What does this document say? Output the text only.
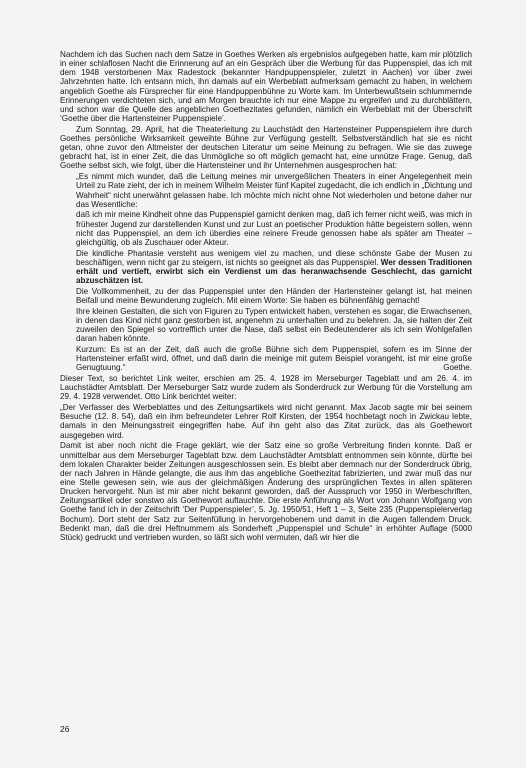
Nachdem ich das Suchen nach dem Satze in Goethes Werken als ergebnislos aufgegeben hatte, kam mir plötzlich in einer schlaflosen Nacht die Erinnerung auf an ein Gespräch über die Werbung für das Puppenspiel, das ich mit dem 1948 verstorbenen Max Radestock (bekannter Handpuppenspieler, zuletzt in Aachen) vor über zwei Jahrzehnten hatte. Ich entsann mich, ihn damals auf ein Werbeblatt aufmerksam gemacht zu haben, in welchem angeblich Goethe als Fürsprecher für eine Handpuppenbühne zu Worte kam. Im Unterbewußtsein schlummernde Erinnerungen verdichteten sich, und am Morgen brauchte ich nur eine Mappe zu ergreifen und zu durchblättern, und schon war die Quelle des angeblichen Goethezitates gefunden, nämlich ein Werbeblatt mit der Überschrift ‘Goethe über die Hartensteiner Puppenspiele’.

Zum Sonntag, 29. April, hat die Theaterleitung zu Lauchstädt den Hartensteiner Puppenspielern ihre durch Goethes persönliche Wirksamkeit geweihte Bühne zur Verfügung gestellt. Selbstverständlich hat sie es nicht getan, ohne zuvor den Altmeister der deutschen Literatur um seine Meinung zu befragen. Wie sie das zuwege gebracht hat, ist in einer Zeit, die das Unmögliche so oft möglich gemacht hat, eine unnütze Frage. Genug, daß Goethe selbst sich, wie folgt, über die Hartensteiner und ihr Unternehmen ausgesprochen hat:

„Es nimmt mich wunder, daß die Leitung meines mir unvergeßlichen Theaters in einer Angelegenheit mein Urteil zu Rate zieht, der ich in meinem Wilhelm Meister fünf Kapitel zugedacht, die ich endlich in „Dichtung und Wahrheit“ nicht unerwähnt gelassen habe. Ich möchte mich nicht ohne Not wiederholen und betone daher nur das Wesentliche:

daß ich mir meine Kindheit ohne das Puppenspiel garnicht denken mag, daß ich ferner nicht weiß, was mich in frühester Jugend zur darstellenden Kunst und zur Lust an poetischer Produktion hätte begeistern sollen, wenn nicht das Puppenspiel, an dem ich überdies eine reinere Freude genossen habe als später am Theater – gleichgültig, ob als Zuschauer oder Akteur.

Die kindliche Phantasie versteht aus wenigem viel zu machen, und diese schönste Gabe der Musen zu beschäftigen, wenn nicht gar zu steigern, ist nichts so geeignet als das Puppenspiel. Wer dessen Traditionen erhält und vertieft, erwirbt sich ein Verdienst um das heranwachsende Geschlecht, das garnicht abzuschätzen ist.

Die Vollkommenheit, zu der das Puppenspiel unter den Händen der Hartensteiner gelangt ist, hat meinen Beifall und meine Bewunderung zugleich. Mit einem Worte: Sie haben es bühnenfähig gemacht!

Ihre kleinen Gestalten, die sich von Figuren zu Typen entwickelt haben, verstehen es sogar, die Erwachsenen, in denen das Kind nicht ganz gestorben ist, angenehm zu unterhalten und zu belehren. Ja, sie halten der Zeit zuweilen den Spiegel so vortrefflich unter die Nase, daß selbst ein Bedeutenderer als ich sein Wohlgefallen daran haben könnte.

Kurzum: Es ist an der Zeit, daß auch die große Bühne sich dem Puppenspiel, sofern es im Sinne der Hartensteiner erfaßt wird, öffnet, und daß darin die meinige mit gutem Beispiel vorangeht, ist mir eine große Genugtuung.“	Goethe.

Dieser Text, so berichtet Link weiter, erschien am 25. 4. 1928 im Merseburger Tageblatt und am 26. 4. im Lauchstädter Amtsblatt. Der Merseburger Satz wurde zudem als Sonderdruck zur Werbung für die Vorstellung am 29. 4. 1928 verwendet. Otto Link berichtet weiter:

„Der Verfasser des Werbeblattes und des Zeitungsartikels wird nicht genannt. Max Jacob sagte mir bei seinem Besuche (12. 8. 54), daß ein ihm befreundeter Lehrer Rolf Kirsten, der 1954 hochbetagt noch in Zwickau lebte, damals in den Meinungsstreit eingegriffen habe. Auf ihn geht also das Zitat zurück, das als Goethewort ausgegeben wird.

Damit ist aber noch nicht die Frage geklärt, wie der Satz eine so große Verbreitung finden konnte. Daß er unmittelbar aus dem Merseburger Tageblatt bzw. dem Lauchstädter Amtsblatt entnommen sein könnte, dürfte bei dem lokalen Charakter beider Zeitungen ausgeschlossen sein. Es bleibt aber demnach nur der Sonderdruck übrig, der nach Jahren in Hände gelangte, die aus ihm das angebliche Goethezitat fabrizierten, und zwar muß das nur eine Stelle gewesen sein, wie aus der gleichmäßigen Änderung des ursprünglichen Textes in allen späteren Drucken hervorgeht. Nun ist mir aber nicht bekannt geworden, daß der Ausspruch vor 1950 in Werbeschriften, Zeitungsartikel oder sonstwo als Goethewort auftauchte. Die erste Anführung als Wort von Johann Wolfgang von Goethe fand ich in der Zeitschrift ‘Der Puppenspieler’, 5. Jg. 1950/51, Heft 1 – 3, Seite 235 (Puppenspielerverlag Bochum). Dort steht der Satz zur Seitenfüllung in hervorgehobenem und damit in die Augen fallendem Druck. Bedenkt man, daß die drei Heftnummern als Sonderheft „Puppenspiel und Schule“ in erhöhter Auflage (5000 Stück) gedruckt und vertrieben wurden, so läßt sich wohl vermuten, daß wir hier die

26
